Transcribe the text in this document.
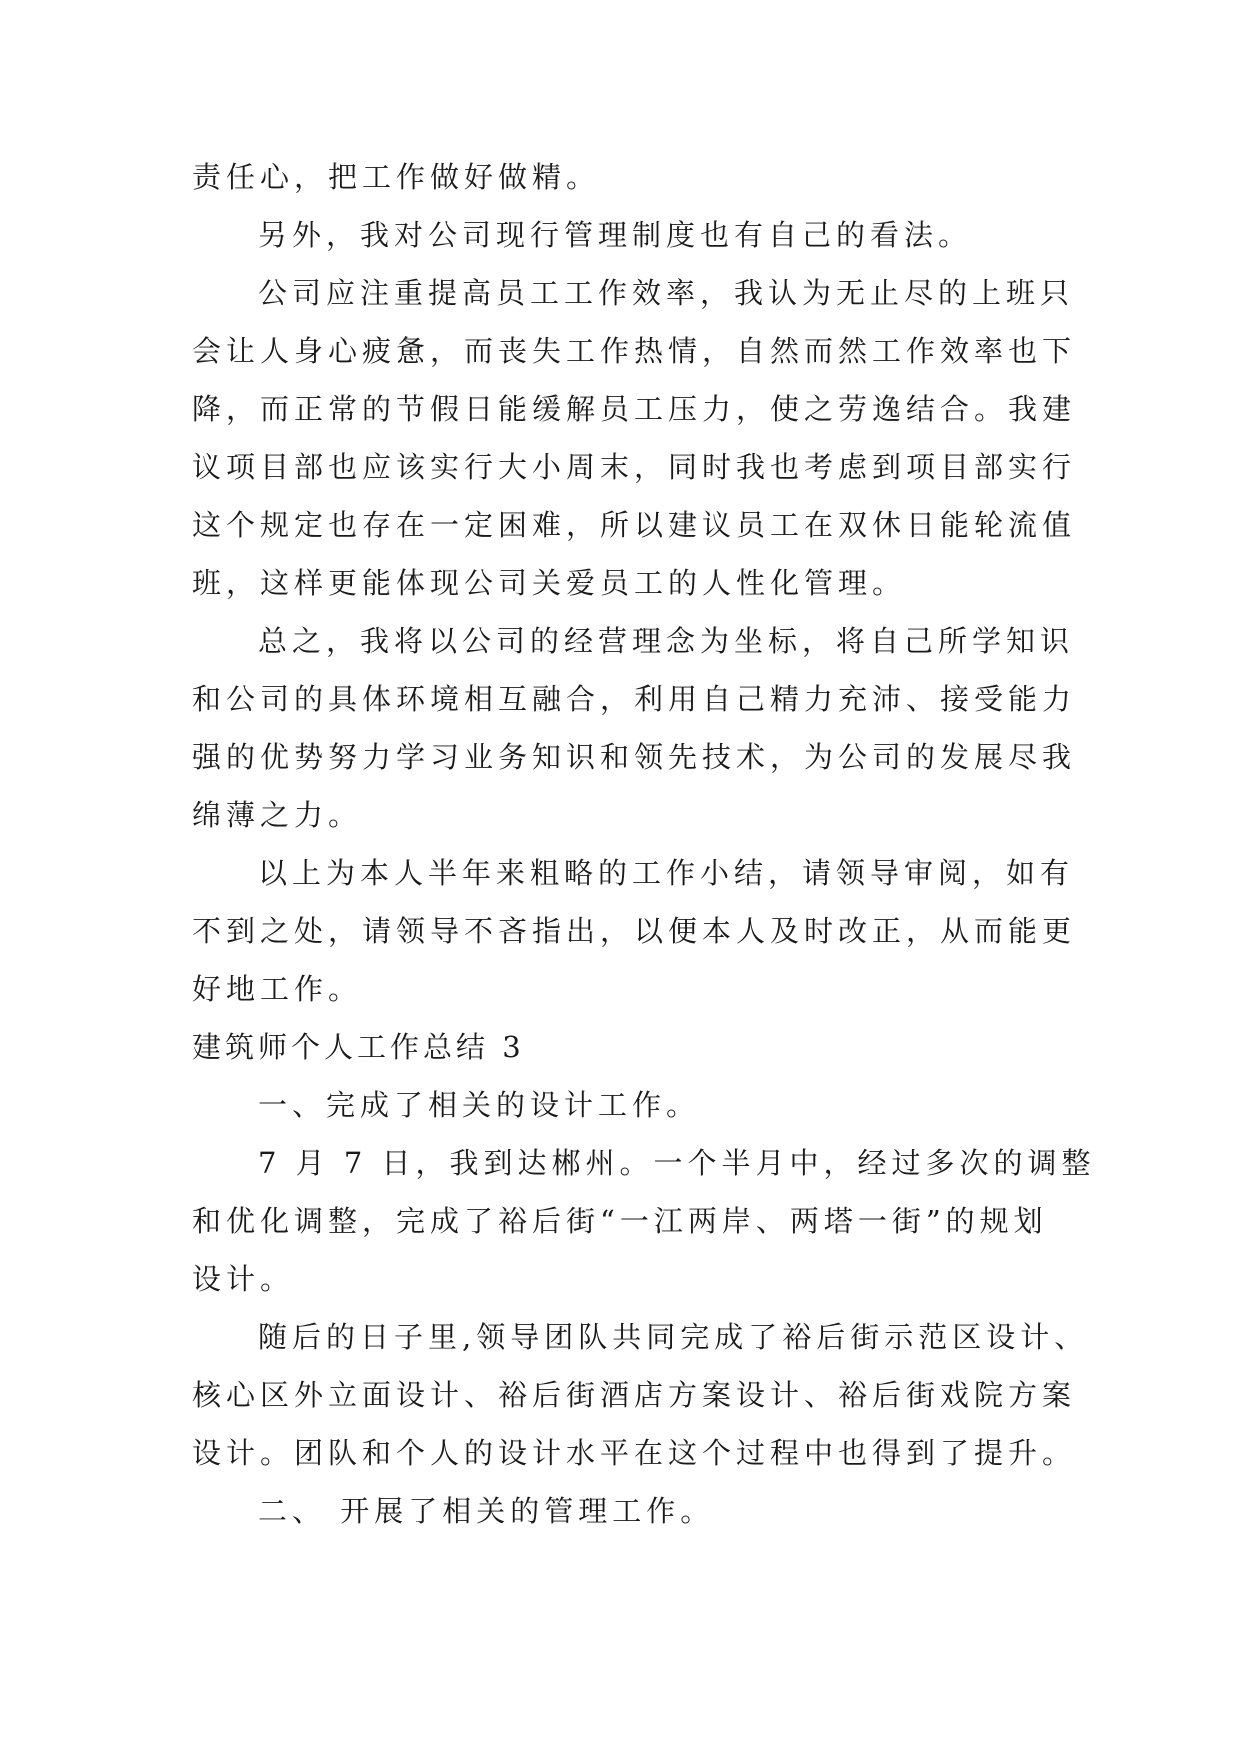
责任心，把工作做好做精。
另外，我对公司现行管理制度也有自己的看法。
公司应注重提高员工工作效率，我认为无止尽的上班只
会让人身心疲惫，而丧失工作热情，自然而然工作效率也下
降，而正常的节假日能缓解员工压力，使之劳逸结合。我建
议项目部也应该实行大小周末，同时我也考虑到项目部实行
这个规定也存在一定困难，所以建议员工在双休日能轮流值
班，这样更能体现公司关爱员工的人性化管理。
总之，我将以公司的经营理念为坐标，将自己所学知识
和公司的具体环境相互融合，利用自己精力充沛、接受能力
强的优势努力学习业务知识和领先技术，为公司的发展尽我
绵薄之力。
以上为本人半年来粗略的工作小结，请领导审阅，如有
不到之处，请领导不吝指出，以便本人及时改正，从而能更
好地工作。
建筑师个人工作总结 3
一、完成了相关的设计工作。
7 月 7 日，我到达郴州。一个半月中，经过多次的调整
和优化调整，完成了裕后街“一江两岸、两塔一街”的规划
设计。
随后的日子里,领导团队共同完成了裕后街示范区设计、
核心区外立面设计、裕后街酒店方案设计、裕后街戏院方案
设计。团队和个人的设计水平在这个过程中也得到了提升。
二、 开展了相关的管理工作。
